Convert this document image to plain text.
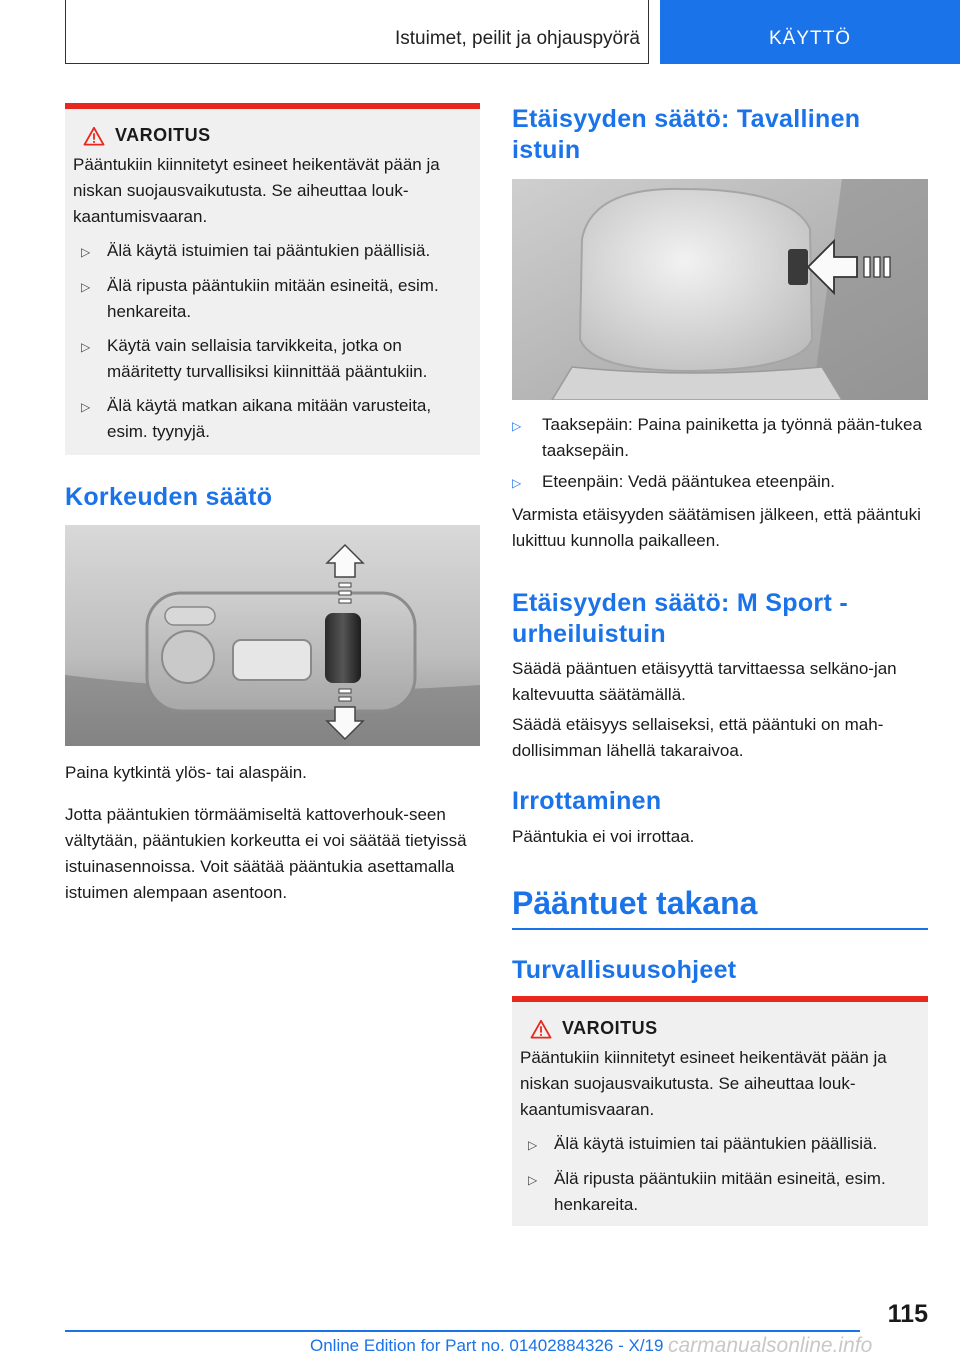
Istuimet, peilit ja ohjauspyörä	KÄYTTÖ
VAROITUS
Pääntukiin kiinnitetyt esineet heikentävät pään ja niskan suojausvaikutusta. Se aiheuttaa louk-kaantumisvaaran.
▷ Älä käytä istuimien tai pääntukien päällisiä.
▷ Älä ripusta pääntukiin mitään esineitä, esim. henkareita.
▷ Käytä vain sellaisia tarvikkeita, jotka on määritetty turvallisiksi kiinnittää pääntukiin.
▷ Älä käytä matkan aikana mitään varusteita, esim. tyynyjä.
Korkeuden säätö
Paina kytkintä ylös- tai alaspäin.
Jotta pääntukien törmäämiseltä kattoverhouk-seen vältytään, pääntukien korkeutta ei voi säätää tietyissä istuinasennoissa. Voit säätää pääntukia asettamalla istuimen alempaan asentoon.
Etäisyyden säätö: Tavallinen istuin
▷	Taaksepäin: Paina painiketta ja työnnä pään-tukea taaksepäin.
▷	Eteenpäin: Vedä pääntukea eteenpäin.
Varmista etäisyyden säätämisen jälkeen, että pääntuki lukittuu kunnolla paikalleen.
Etäisyyden säätö: M Sport -urheiluistuin
Säädä pääntuen etäisyyttä tarvittaessa selkäno-jan kaltevuutta säätämällä.
Säädä etäisyys sellaiseksi, että pääntuki on mah-dollisimman lähellä takaraivoa.
Irrottaminen
Pääntukia ei voi irrottaa.
Pääntuet takana
Turvallisuusohjeet
VAROITUS
Pääntukiin kiinnitetyt esineet heikentävät pään ja niskan suojausvaikutusta. Se aiheuttaa louk-kaantumisvaaran.
▷ Älä käytä istuimien tai pääntukien päällisiä.
▷ Älä ripusta pääntukiin mitään esineitä, esim. henkareita.
115
Online Edition for Part no. 01402884326 - X/19 carmanualsonline.info
